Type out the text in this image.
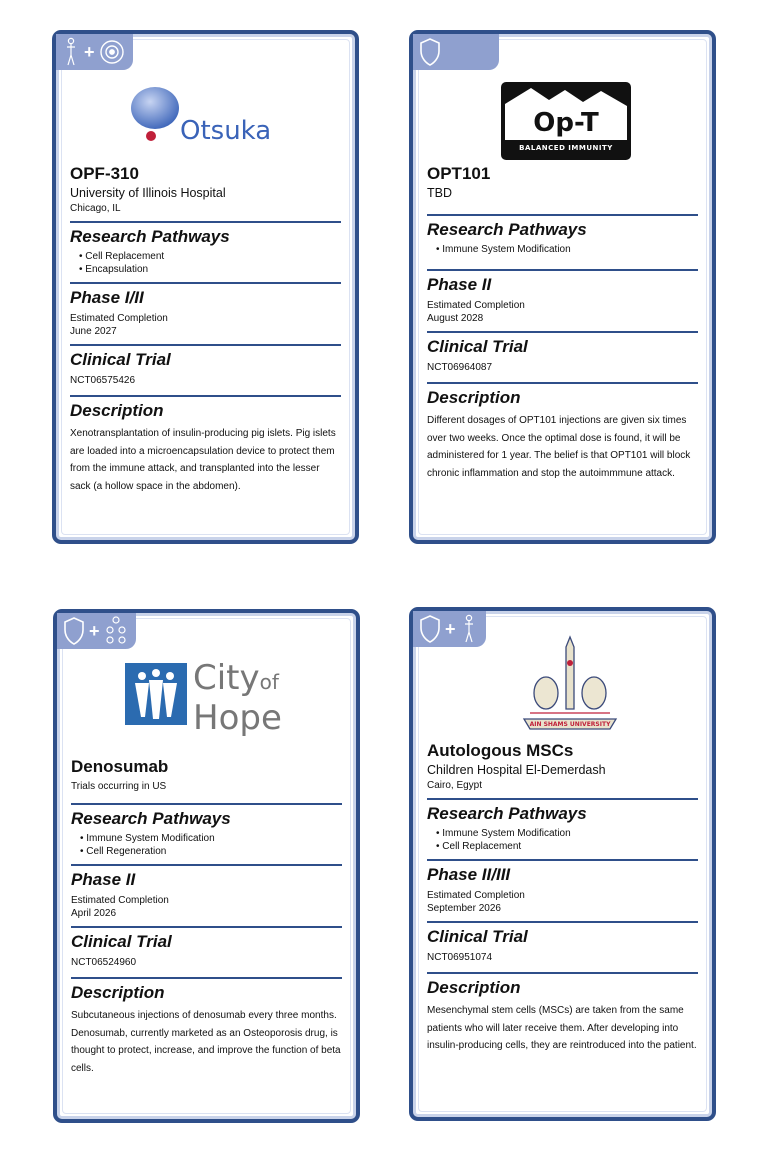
+
Otsuka

OPF-310

University of Illinois Hospital

Chicago, IL

Research Pathways

• Cell Replacement
• Encapsulation

Phase I/II

Estimated Completion

June 2027

Clinical Trial

NCT06575426

Description

Xenotransplantation of insulin-producing pig islets. Pig islets are loaded into a microencapsulation device to protect them from the immune attack, and transplanted into the lesser sack (a hollow space in the abdomen).

Op-T
BALANCED IMMUNITY

OPT101

TBD

Research Pathways

• Immune System Modification

Phase II

Estimated Completion

August 2028

Clinical Trial

NCT06964087

Description

Different dosages of OPT101 injections are given six times over two weeks. Once the optimal dose is found, it will be administered for 1 year. The belief is that OPT101 will block chronic inflammation and stop the autoimmmune attack.

+
Cityof
Hope

Denosumab

Trials occurring in US

Research Pathways

• Immune System Modification
• Cell Regeneration

Phase II

Estimated Completion

April 2026

Clinical Trial

NCT06524960

Description

Subcutaneous injections of denosumab every three months. Denosumab, currently marketed as an Osteoporosis drug, is thought to protect, increase, and improve the function of beta cells.

+
AIN SHAMS UNIVERSITY

Autologous MSCs

Children Hospital El-Demerdash

Cairo, Egypt

Research Pathways

• Immune System Modification
• Cell Replacement

Phase II/III

Estimated Completion

September 2026

Clinical Trial

NCT06951074

Description

Mesenchymal stem cells (MSCs) are taken from the same patients who will later receive them. After developing into insulin-producing cells, they are reintroduced into the patient.
